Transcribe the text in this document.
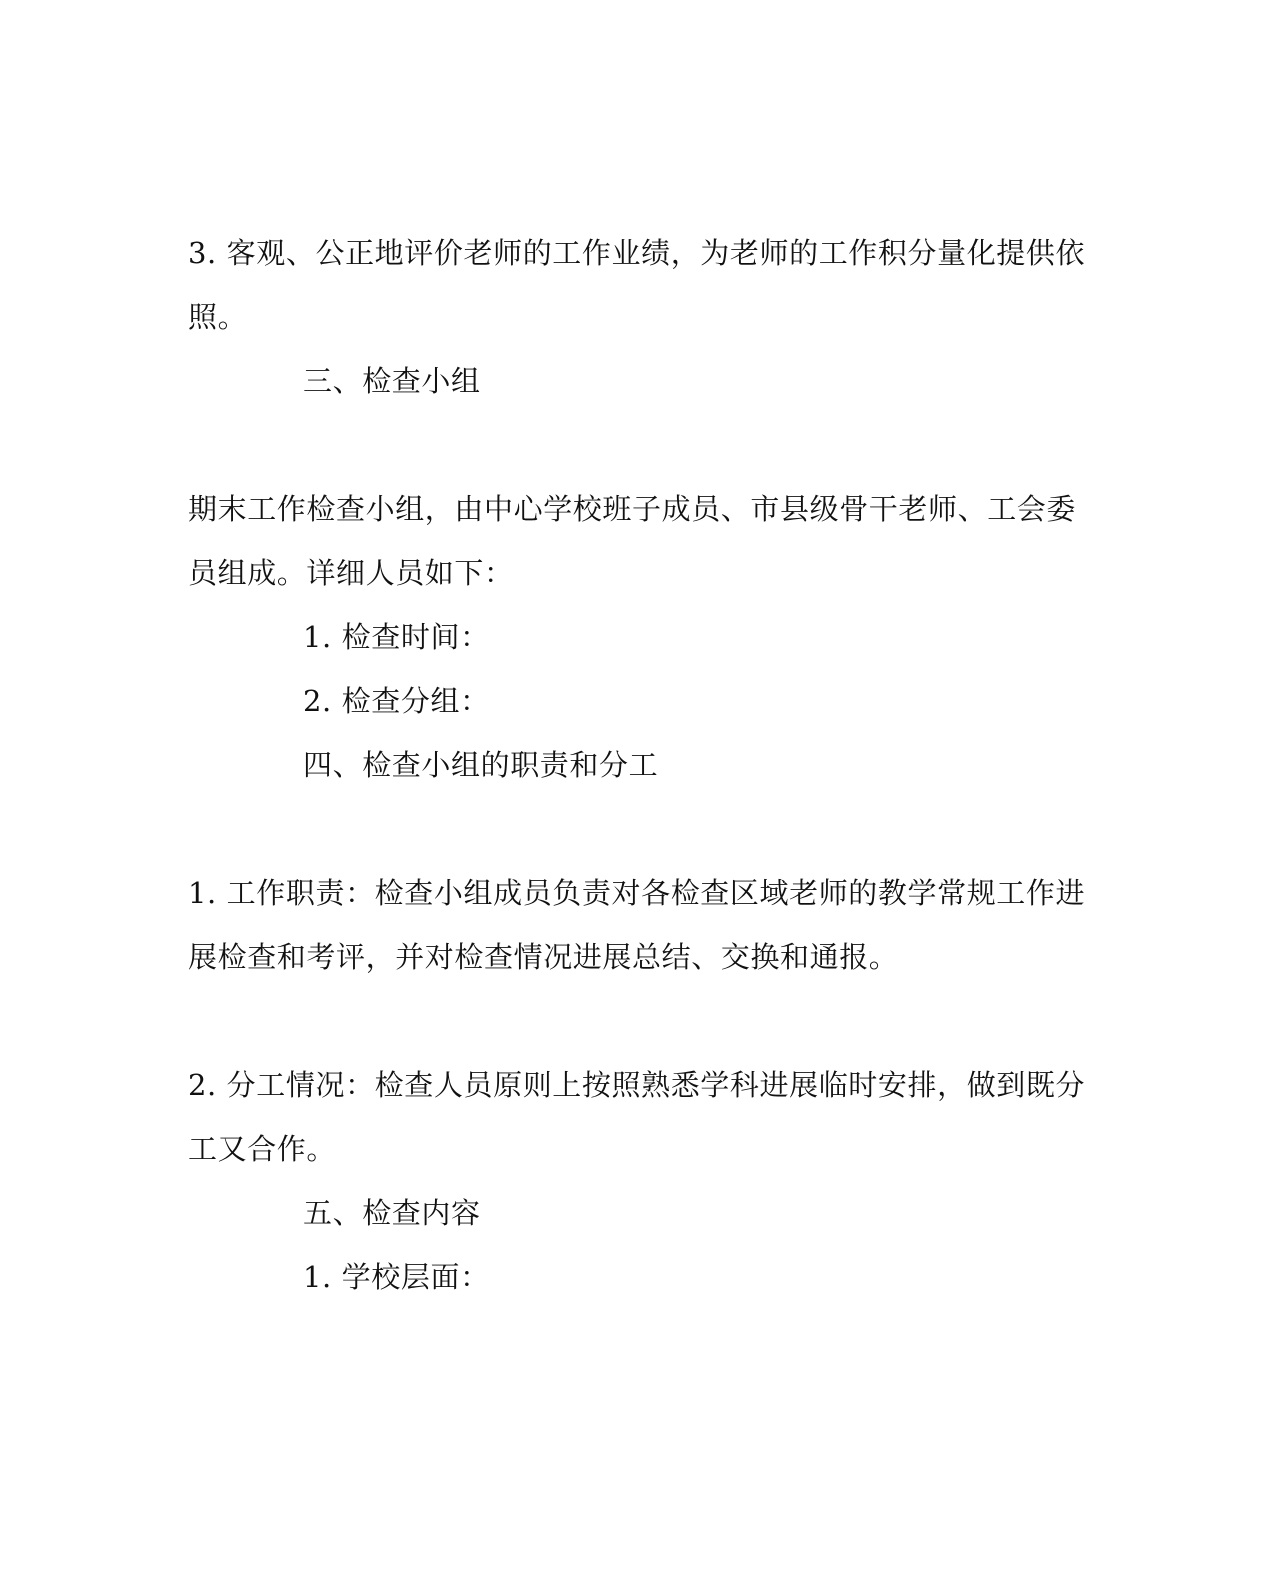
3. 客观、公正地评价老师的工作业绩，为老师的工作积分量化提供依
照。
三、检查小组
期末工作检查小组，由中心学校班子成员、市县级骨干老师、工会委
员组成。详细人员如下：
1. 检查时间：
2. 检查分组：
四、检查小组的职责和分工
1. 工作职责：检查小组成员负责对各检查区域老师的教学常规工作进
展检查和考评，并对检查情况进展总结、交换和通报。
2. 分工情况：检查人员原则上按照熟悉学科进展临时安排，做到既分
工又合作。
五、检查内容
1. 学校层面：
